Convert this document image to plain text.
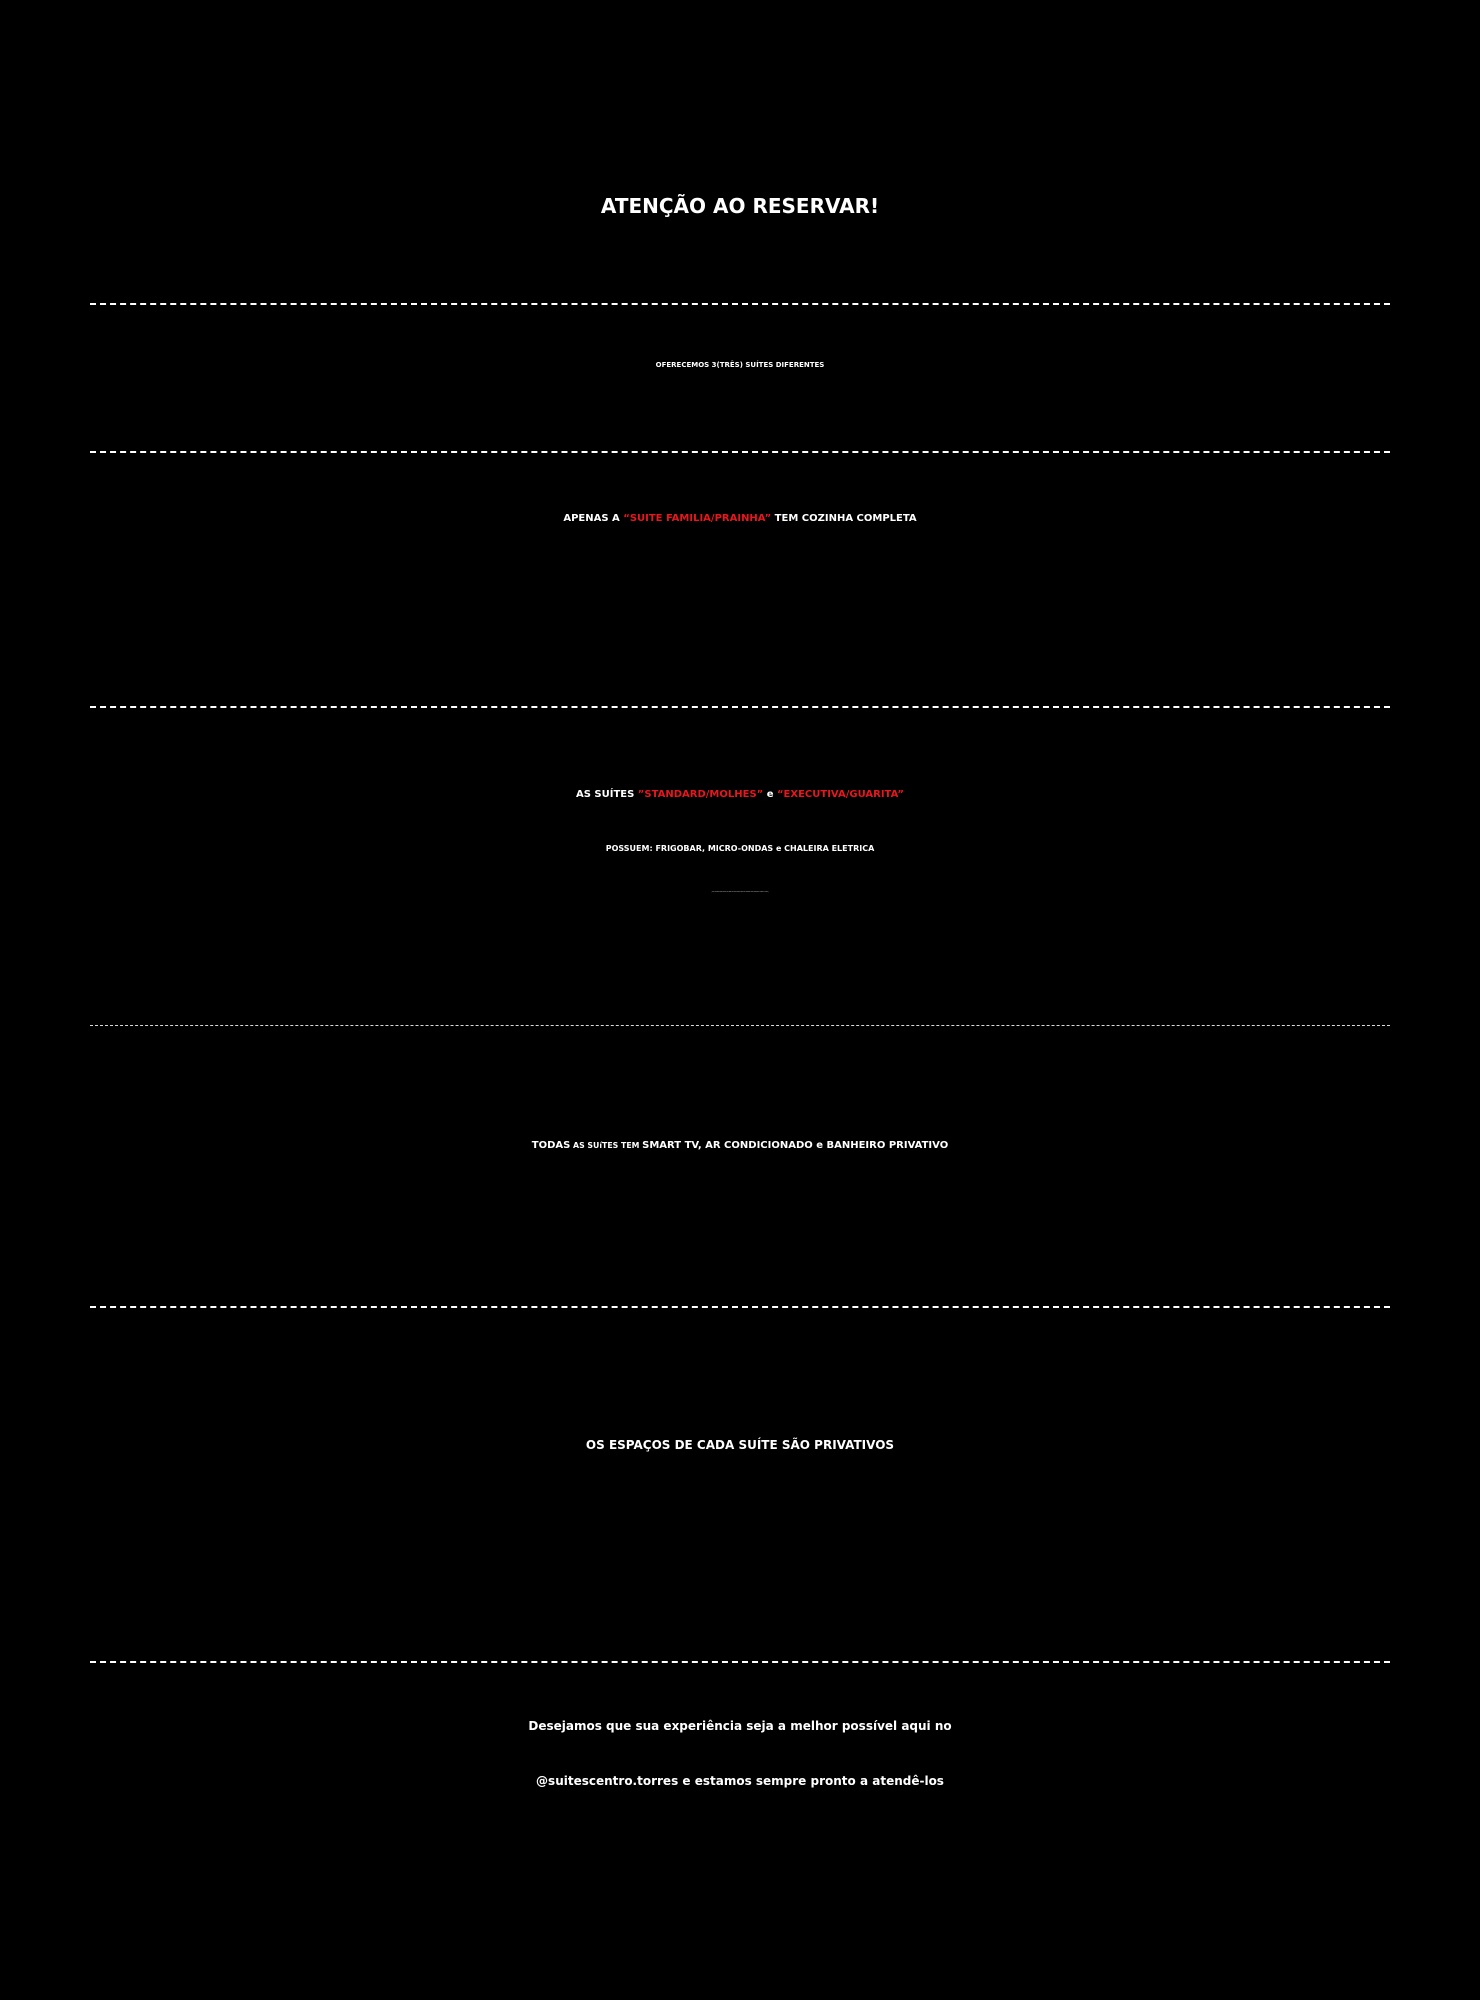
ATENÇÃO AO RESERVAR!
OFERECEMOS 3(TRÊS) SUÍTES DIFERENTES
APENAS A “SUITE FAMILIA/PRAINHA” TEM COZINHA COMPLETA
AS SUÍTES ”STANDARD/MOLHES” e “EXECUTIVA/GUARITA”
POSSUEM: FRIGOBAR, MICRO-ONDAS e CHALEIRA ELETRICA
(Obs: nessas duas opções de suíte não oferecemos itens de cozinha como: talheres, pratos e copos)
TODAS AS SUíTES TEM SMART TV, AR CONDICIONADO e BANHEIRO PRIVATIVO
OS ESPAÇOS DE CADA SUÍTE SÃO PRIVATIVOS
Desejamos que sua experiência seja a melhor possível aqui no
@suitescentro.torres e estamos sempre pronto a atendê-los
